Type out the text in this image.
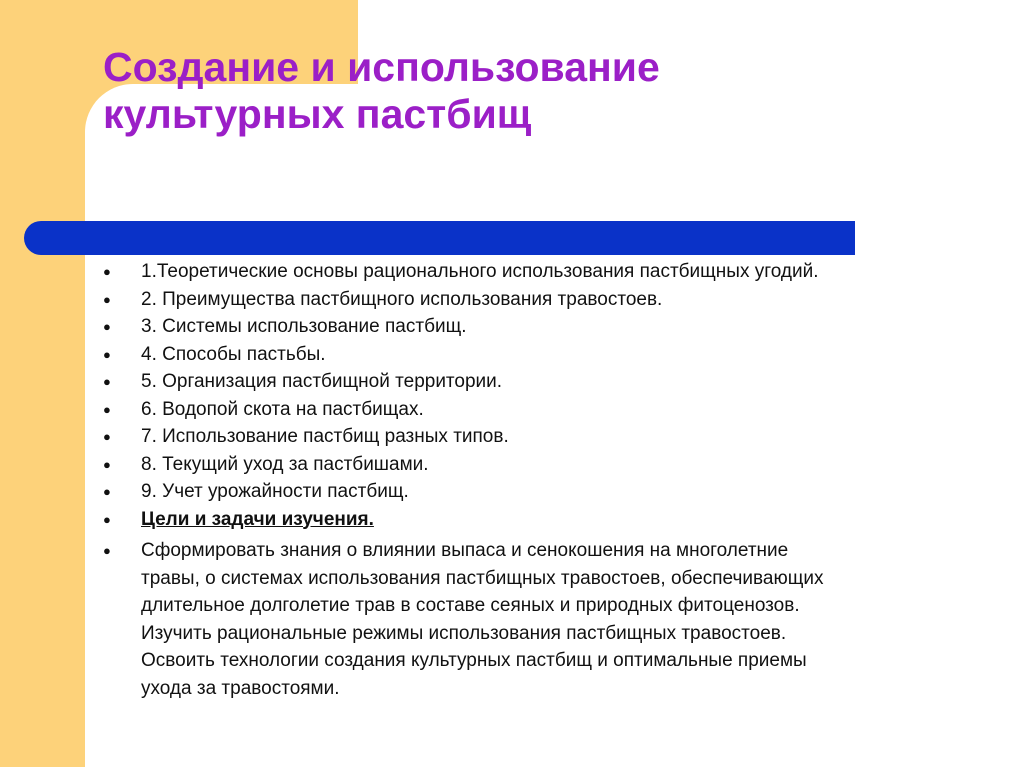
Создание и использование
культурных пастбищ
●	1.Теоретические основы рационального использования пастбищных угодий.
●	2. Преимущества пастбищного использования травостоев.
●	3. Системы использование пастбищ.
●	4. Способы пастьбы.
●	5. Организация пастбищной территории.
●	6. Водопой скота на пастбищах.
●	7. Использование пастбищ разных типов.
●	8. Текущий уход за пастбишами.
●	9. Учет урожайности пастбищ.
●	Цели и задачи изучения.
●	Сформировать знания о влиянии выпаса и сенокошения на многолетние
травы, о системах использования пастбищных травостоев, обеспечивающих
длительное долголетие трав в составе сеяных и природных фитоценозов.
Изучить рациональные режимы использования пастбищных травостоев.
Освоить технологии создания культурных пастбищ и оптимальные приемы
ухода за травостоями.
